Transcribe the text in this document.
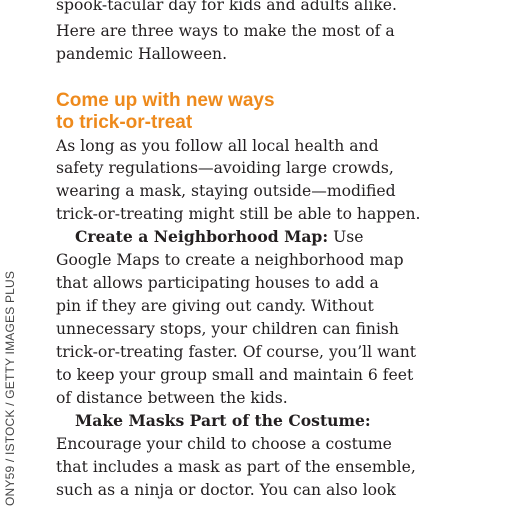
ONY59 / ISTOCK / GETTY IMAGES PLUS
spook-tacular day for kids and adults alike.
Here are three ways to make the most of a
pandemic Halloween.
Come up with new ways
to trick-or-treat
As long as you follow all local health and
safety regulations—avoiding large crowds,
wearing a mask, staying outside—modified
trick-or-treating might still be able to happen.
Create a Neighborhood Map: Use
Google Maps to create a neighborhood map
that allows participating houses to add a
pin if they are giving out candy. Without
unnecessary stops, your children can finish
trick-or-treating faster. Of course, you’ll want
to keep your group small and maintain 6 feet
of distance between the kids.
Make Masks Part of the Costume:
Encourage your child to choose a costume
that includes a mask as part of the ensemble,
such as a ninja or doctor. You can also look
